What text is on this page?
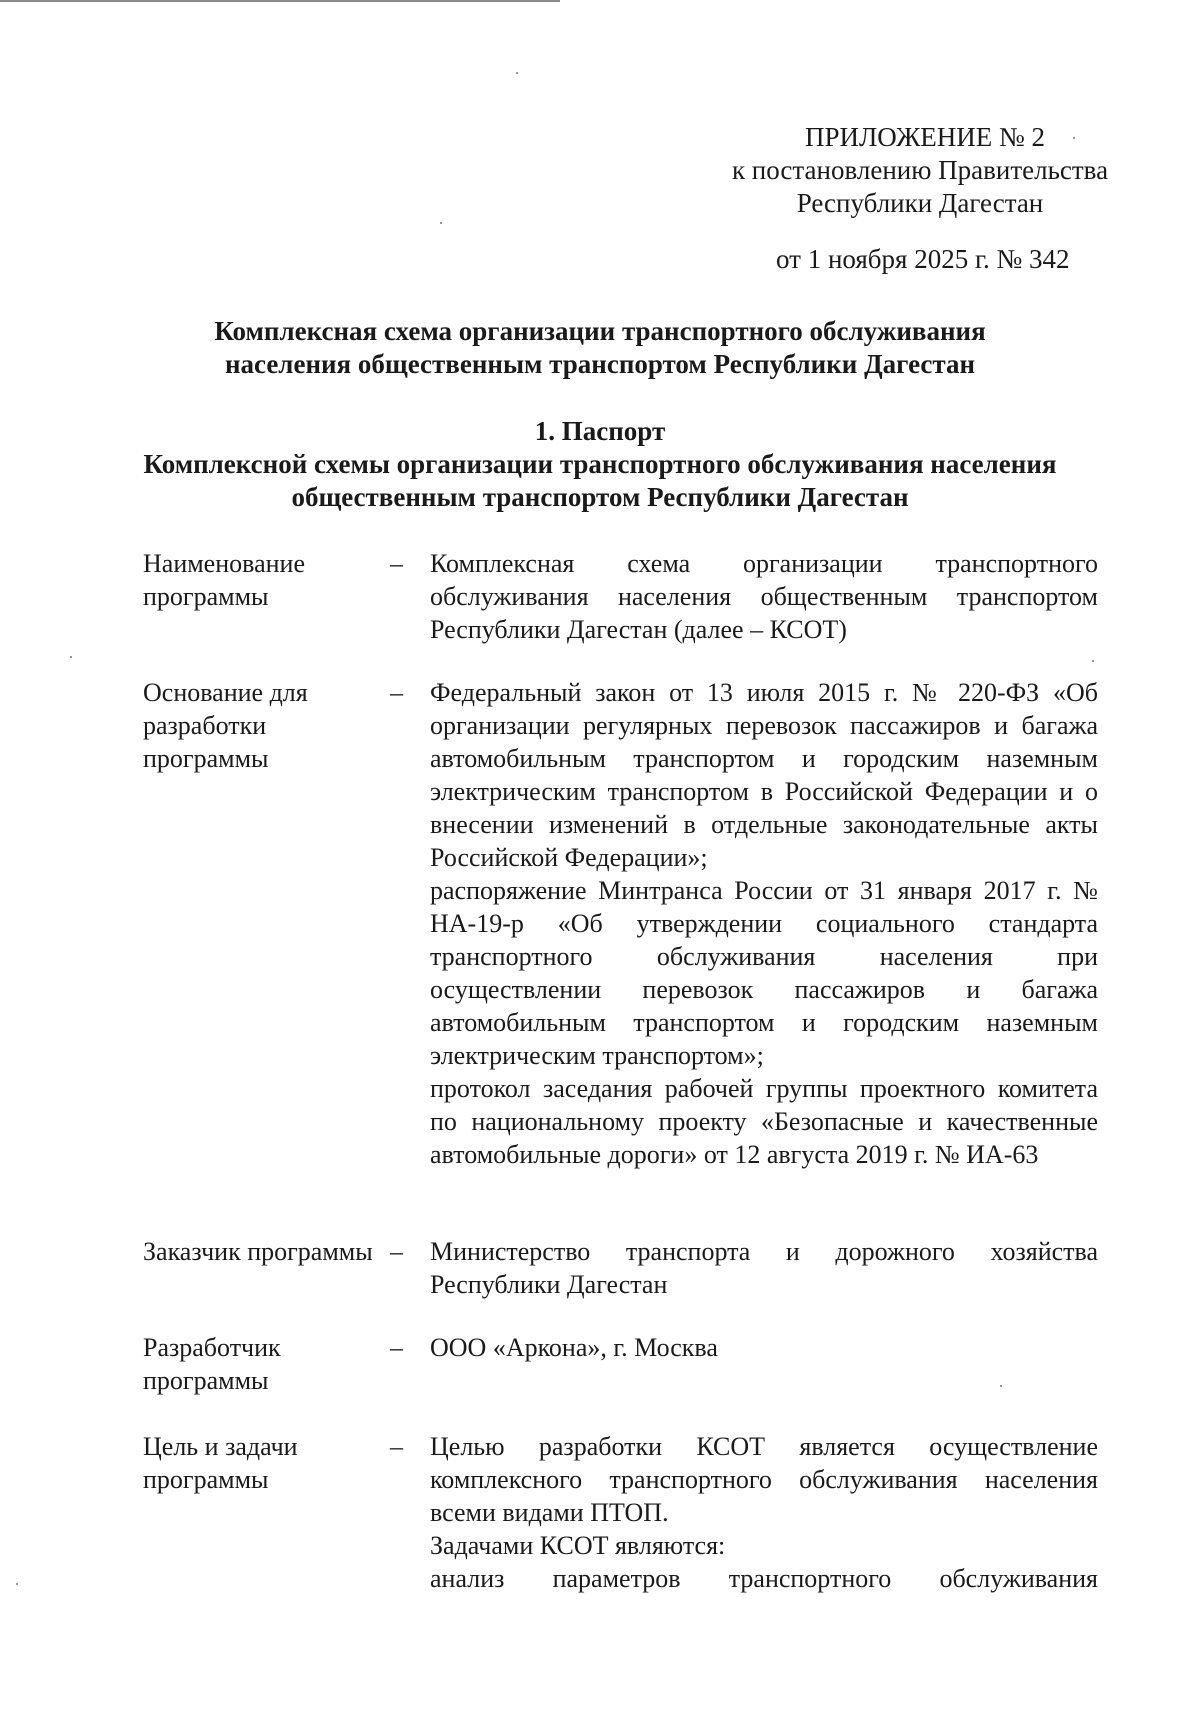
ПРИЛОЖЕНИЕ № 2
к постановлению Правительства
Республики Дагестан
от 1 ноября 2025 г. № 342
Комплексная схема организации транспортного обслуживания
населения общественным транспортом Республики Дагестан
1. Паспорт
Комплексной схемы организации транспортного обслуживания населения
общественным транспортом Республики Дагестан
Наименование программы
– Комплексная схема организации транспортного обслуживания населения общественным транспортом Республики Дагестан (далее – КСОТ)

Основание для разработки программы
– Федеральный закон от 13 июля 2015 г. № 220-ФЗ «Об организации регулярных перевозок пассажиров и багажа автомобильным транспортом и городским наземным электрическим транспортом в Российской Федерации и о внесении изменений в отдельные законодательные акты Российской Федерации»;

распоряжение Минтранса России от 31 января 2017 г. № НА-19-р «Об утверждении социального стандарта транспортного обслуживания населения при осуществлении перевозок пассажиров и багажа автомобильным транспортом и городским наземным электрическим транспортом»;

протокол заседания рабочей группы проектного комитета по национальному проекту «Безопасные и качественные автомобильные дороги» от 12 августа 2019 г. № ИА-63

Заказчик программы – Министерство транспорта и дорожного хозяйства Республики Дагестан

Разработчик программы
– ООО «Аркона», г. Москва

Цель и задачи программы
– Целью разработки КСОТ является осуществление комплексного транспортного обслуживания населения всеми видами ПТОП.

Задачами КСОТ являются:

анализ параметров транспортного обслуживания
